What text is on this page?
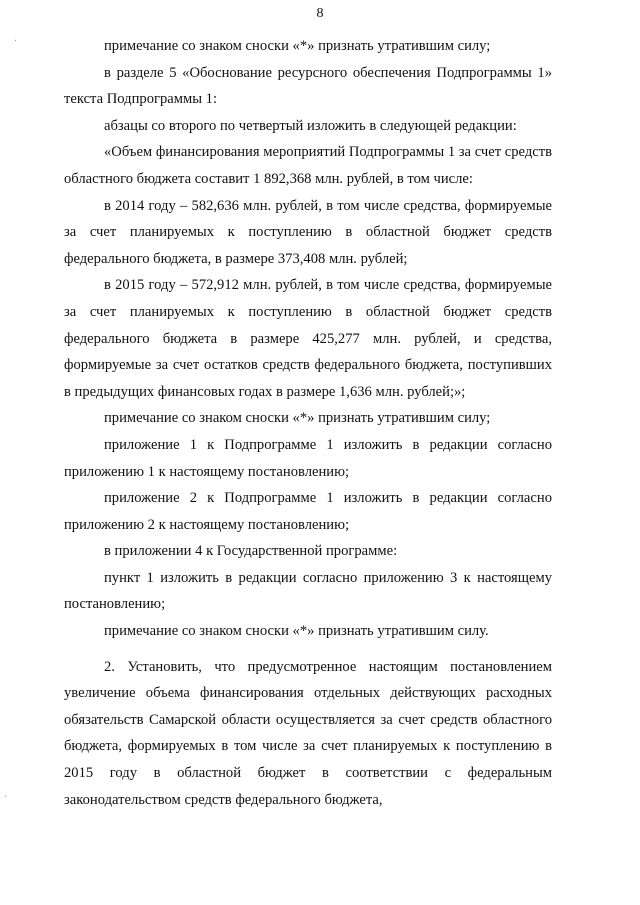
8

примечание со знаком сноски «*» признать утратившим силу;

в разделе 5 «Обоснование ресурсного обеспечения Подпрограммы 1» текста Подпрограммы 1:

абзацы со второго по четвертый изложить в следующей редакции:

«Объем финансирования мероприятий Подпрограммы 1 за счет средств областного бюджета составит 1 892,368 млн. рублей, в том числе:

в 2014 году – 582,636 млн. рублей, в том числе средства, формируемые за счет планируемых к поступлению в областной бюджет средств федерального бюджета, в размере 373,408 млн. рублей;

в 2015 году – 572,912 млн. рублей, в том числе средства, формируемые за счет планируемых к поступлению в областной бюджет средств федерального бюджета в размере 425,277 млн. рублей, и средства, формируемые за счет остатков средств федерального бюджета, поступивших в предыдущих финансовых годах в размере 1,636 млн. рублей;»;

примечание со знаком сноски «*» признать утратившим силу;

приложение 1 к Подпрограмме 1 изложить в редакции согласно приложению 1 к настоящему постановлению;

приложение 2 к Подпрограмме 1 изложить в редакции согласно приложению 2 к настоящему постановлению;

в приложении 4 к Государственной программе:

пункт 1 изложить в редакции согласно приложению 3 к настоящему постановлению;

примечание со знаком сноски «*» признать утратившим силу.

2. Установить, что предусмотренное настоящим постановлением увеличение объема финансирования отдельных действующих расходных обязательств Самарской области осуществляется за счет средств областного бюджета, формируемых в том числе за счет планируемых к поступлению в 2015 году в областной бюджет в соответствии с федеральным законодательством средств федерального бюджета,

·
·
